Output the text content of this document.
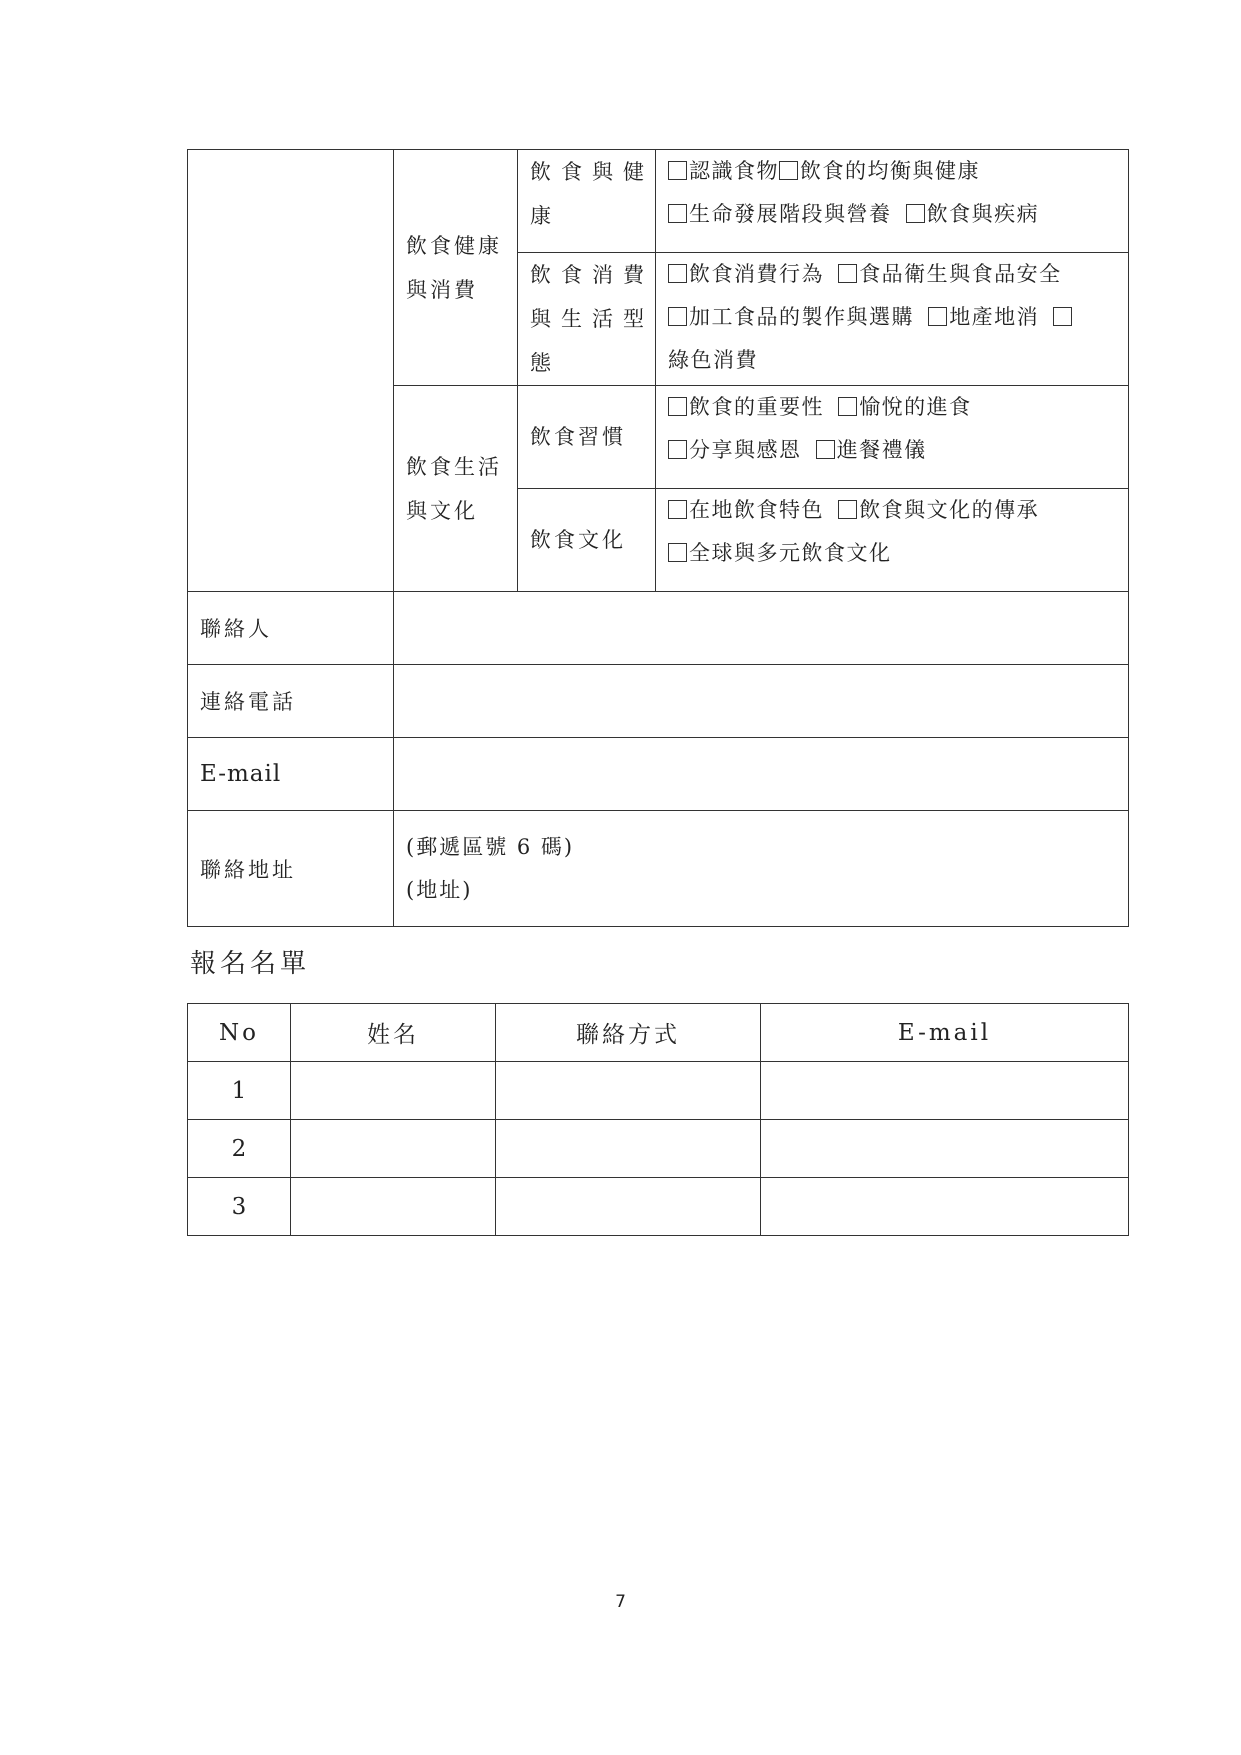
	飲食健康與消費	飲食與健康	認識食物 飲食的均衡與健康
生命發展階段與營養 飲食與疾病

		飲食消費與生活型態	飲食消費行為 食品衛生與食品安全
加工食品的製作與選購 地產地消
綠色消費

	飲食生活與文化	飲食習慣	飲食的重要性 愉悅的進食
分享與感恩 進餐禮儀

		飲食文化	在地飲食特色 飲食與文化的傳承
全球與多元飲食文化

聯絡人			
連絡電話			
E-mail			
聯絡地址	(郵遞區號 6 碼)
(地址)		
報名名單
No	姓名	聯絡方式	E-mail
1			
2			
3			
7
